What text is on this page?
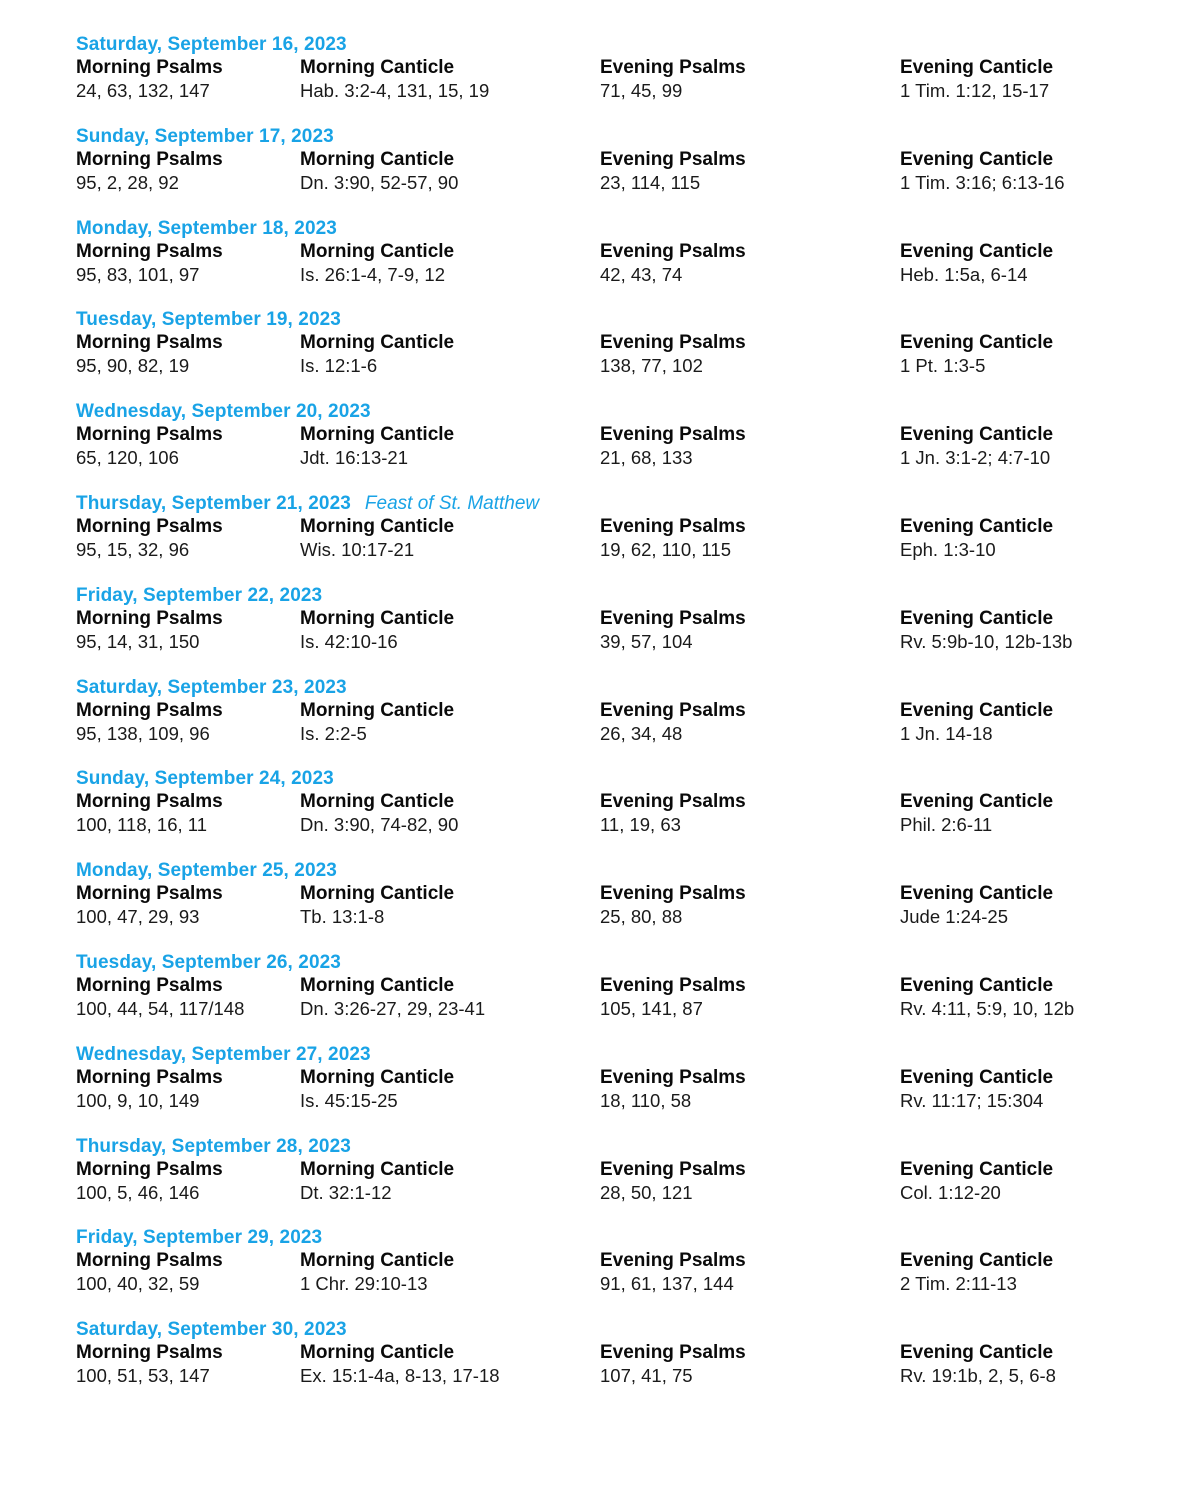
Saturday, September 16, 2023
Morning Psalms	Morning Canticle	Evening Psalms	Evening Canticle
24, 63, 132, 147	Hab. 3:2-4, 131, 15, 19	71, 45, 99	1 Tim. 1:12, 15-17
Sunday, September 17, 2023
Morning Psalms	Morning Canticle	Evening Psalms	Evening Canticle
95, 2, 28, 92	Dn. 3:90, 52-57, 90	23, 114, 115	1 Tim. 3:16; 6:13-16
Monday, September 18, 2023
Morning Psalms	Morning Canticle	Evening Psalms	Evening Canticle
95, 83, 101, 97	Is. 26:1-4, 7-9, 12	42, 43, 74	Heb. 1:5a, 6-14
Tuesday, September 19, 2023
Morning Psalms	Morning Canticle	Evening Psalms	Evening Canticle
95, 90, 82, 19	Is. 12:1-6	138, 77, 102	1 Pt. 1:3-5
Wednesday, September 20, 2023
Morning Psalms	Morning Canticle	Evening Psalms	Evening Canticle
65, 120, 106	Jdt. 16:13-21	21, 68, 133	1 Jn. 3:1-2; 4:7-10
Thursday, September 21, 2023 Feast of St. Matthew
Morning Psalms	Morning Canticle	Evening Psalms	Evening Canticle
95, 15, 32, 96	Wis. 10:17-21	19, 62, 110, 115	Eph. 1:3-10
Friday, September 22, 2023
Morning Psalms	Morning Canticle	Evening Psalms	Evening Canticle
95, 14, 31, 150	Is. 42:10-16	39, 57, 104	Rv. 5:9b-10, 12b-13b
Saturday, September 23, 2023
Morning Psalms	Morning Canticle	Evening Psalms	Evening Canticle
95, 138, 109, 96	Is. 2:2-5	26, 34, 48	1 Jn. 14-18
Sunday, September 24, 2023
Morning Psalms	Morning Canticle	Evening Psalms	Evening Canticle
100, 118, 16, 11	Dn. 3:90, 74-82, 90	11, 19, 63	Phil. 2:6-11
Monday, September 25, 2023
Morning Psalms	Morning Canticle	Evening Psalms	Evening Canticle
100, 47, 29, 93	Tb. 13:1-8	25, 80, 88	Jude 1:24-25
Tuesday, September 26, 2023
Morning Psalms	Morning Canticle	Evening Psalms	Evening Canticle
100, 44, 54, 117/148	Dn. 3:26-27, 29, 23-41	105, 141, 87	Rv. 4:11, 5:9, 10, 12b
Wednesday, September 27, 2023
Morning Psalms	Morning Canticle	Evening Psalms	Evening Canticle
100, 9, 10, 149	Is. 45:15-25	18, 110, 58	Rv. 11:17; 15:304
Thursday, September 28, 2023
Morning Psalms	Morning Canticle	Evening Psalms	Evening Canticle
100, 5, 46, 146	Dt. 32:1-12	28, 50, 121	Col. 1:12-20
Friday, September 29, 2023
Morning Psalms	Morning Canticle	Evening Psalms	Evening Canticle
100, 40, 32, 59	1 Chr. 29:10-13	91, 61, 137, 144	2 Tim. 2:11-13
Saturday, September 30, 2023
Morning Psalms	Morning Canticle	Evening Psalms	Evening Canticle
100, 51, 53, 147	Ex. 15:1-4a, 8-13, 17-18	107, 41, 75	Rv. 19:1b, 2, 5, 6-8
